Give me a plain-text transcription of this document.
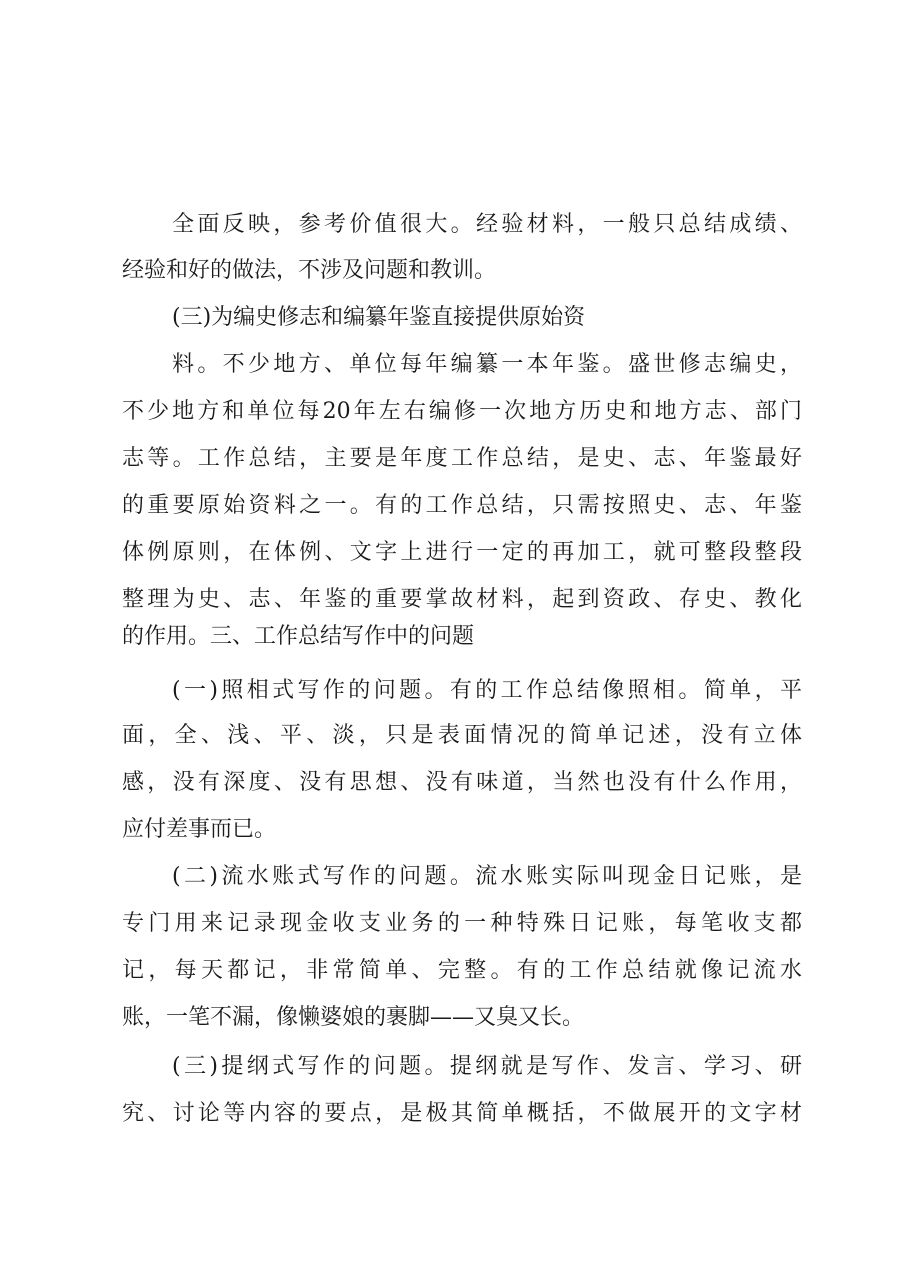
全面反映，参考价值很大。经验材料，一般只总结成绩、
经验和好的做法，不涉及问题和教训。
(三)为编史修志和编纂年鉴直接提供原始资
料。不少地方、单位每年编纂一本年鉴。盛世修志编史，
不少地方和单位每20年左右编修一次地方历史和地方志、部门
志等。工作总结，主要是年度工作总结，是史、志、年鉴最好
的重要原始资料之一。有的工作总结，只需按照史、志、年鉴
体例原则，在体例、文字上进行一定的再加工，就可整段整段
整理为史、志、年鉴的重要掌故材料，起到资政、存史、教化
的作用。三、工作总结写作中的问题
(一)照相式写作的问题。有的工作总结像照相。简单，平
面，全、浅、平、淡，只是表面情况的简单记述，没有立体
感，没有深度、没有思想、没有味道，当然也没有什么作用，
应付差事而已。
(二)流水账式写作的问题。流水账实际叫现金日记账，是
专门用来记录现金收支业务的一种特殊日记账，每笔收支都
记，每天都记，非常简单、完整。有的工作总结就像记流水
账，一笔不漏，像懒婆娘的裹脚——又臭又长。
(三)提纲式写作的问题。提纲就是写作、发言、学习、研
究、讨论等内容的要点，是极其简单概括，不做展开的文字材
